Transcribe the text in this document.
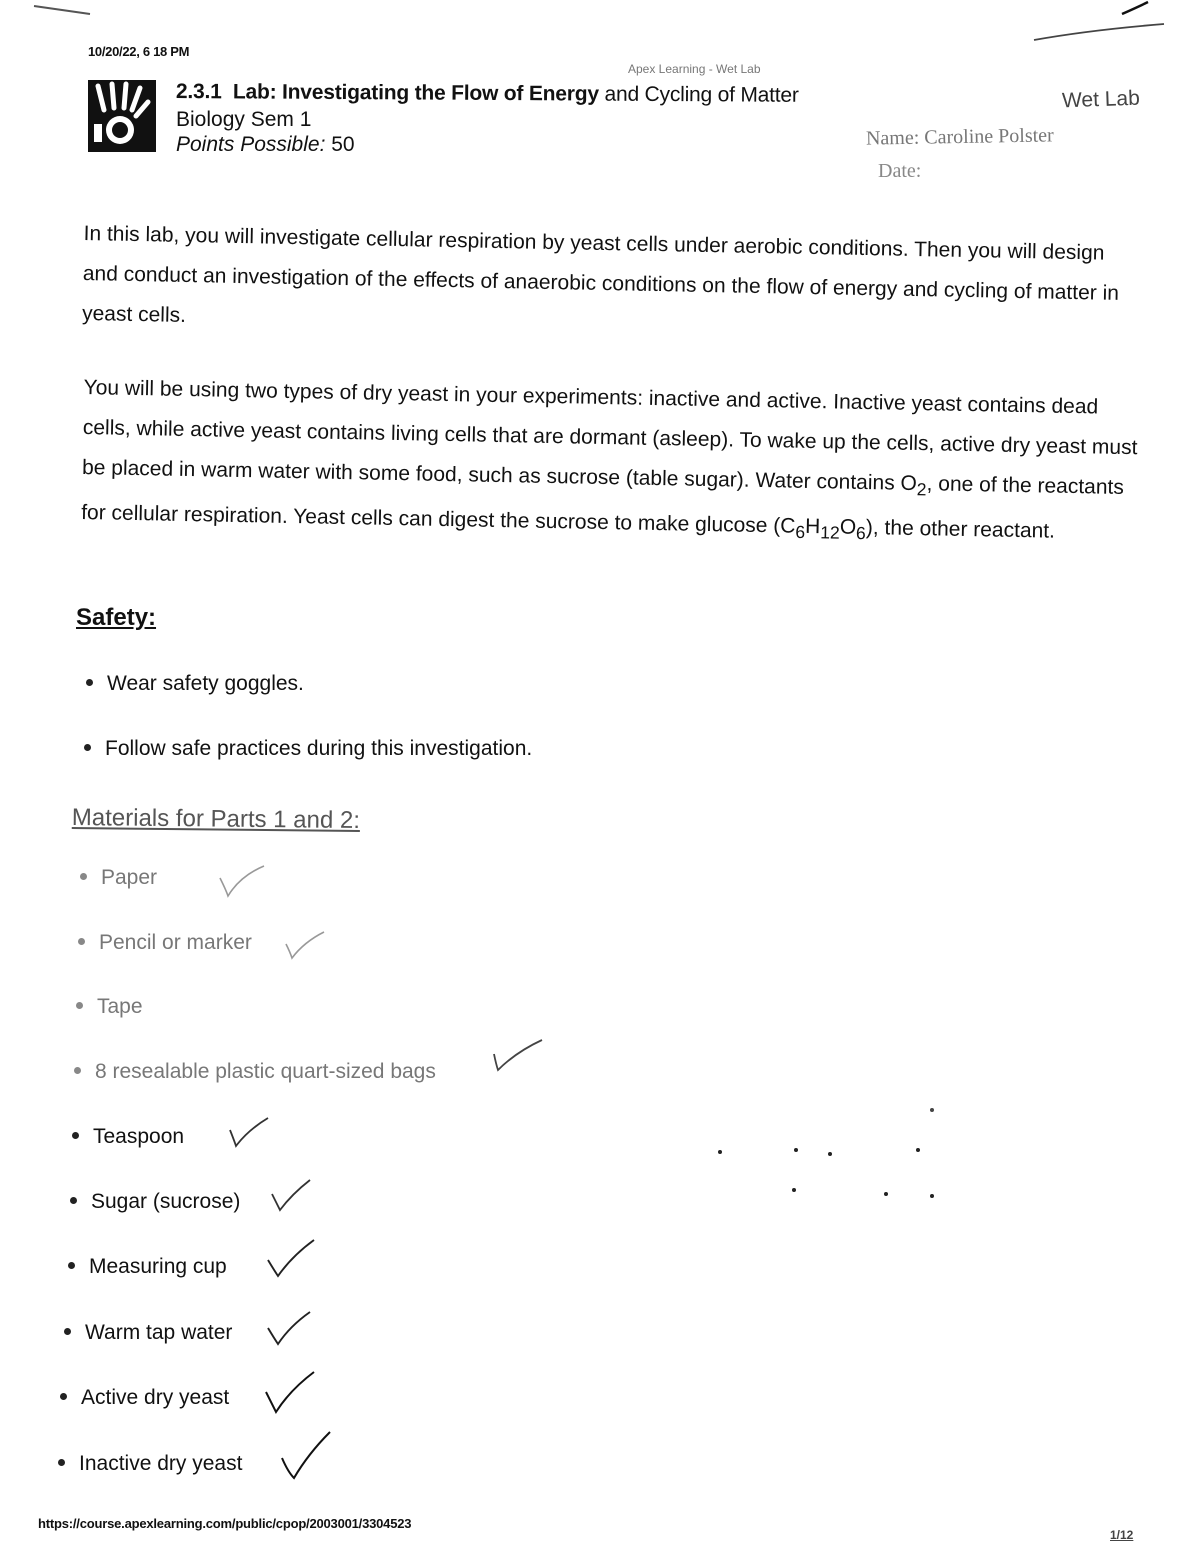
10/20/22, 6 18 PM
Apex Learning - Wet Lab
2.3.1 Lab: Investigating the Flow of Energy and Cycling of Matter
Biology Sem 1
Points Possible: 50
Wet Lab
Name: Caroline Polster
Date:
In this lab, you will investigate cellular respiration by yeast cells under aerobic conditions. Then you will design and conduct an investigation of the effects of anaerobic conditions on the flow of energy and cycling of matter in yeast cells.
You will be using two types of dry yeast in your experiments: inactive and active. Inactive yeast contains dead cells, while active yeast contains living cells that are dormant (asleep). To wake up the cells, active dry yeast must be placed in warm water with some food, such as sucrose (table sugar). Water contains $O_2$, one of the reactants for cellular respiration. Yeast cells can digest the sucrose to make glucose $(C_6H_{12}O_6)$, the other reactant.
Safety:
Wear safety goggles.
Follow safe practices during this investigation.
Materials for Parts 1 and 2:
Paper
Pencil or marker
Tape
8 resealable plastic quart-sized bags
Teaspoon
Sugar (sucrose)
Measuring cup
Warm tap water
Active dry yeast
Inactive dry yeast
https://course.apexlearning.com/public/cpop/2003001/3304523
1/12
